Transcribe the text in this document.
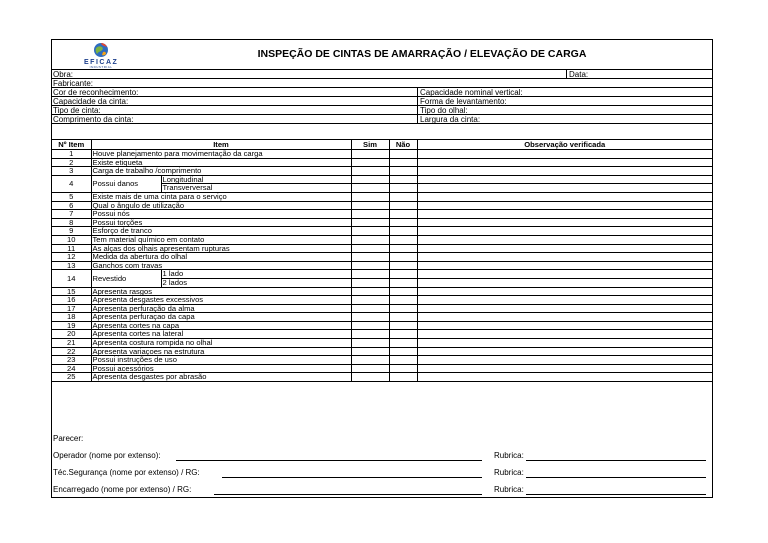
EFICAZ
INDUSTRIAL
INSPEÇÃO DE CINTAS DE AMARRAÇÃO / ELEVAÇÃO DE CARGA
Obra:	Data:
Fabricante:
Cor de reconhecimento:	Capacidade nominal vertical:
Capacidade da cinta:	Forma de levantamento:
Tipo de cinta:	Tipo do olhal:
Comprimento da cinta:	Largura da cinta:
Nº Item	Item		Sim	Não	Observação verificada
1	Houve planejamento para movimentação da carga				
2	Existe etiqueta				
3	Carga de trabalho /comprimento				
4	Possui danos	Longitudinal			
		Transverversal			
5	Existe mais de uma cinta para o serviço				
6	Qual o ângulo de utilização				
7	Possui nós				
8	Possui torções				
9	Esforço de tranco				
10	Tem material químico em contato				
11	As alças dos olhais apresentam rupturas				
12	Medida da abertura do olhal				
13	Ganchos com travas				
14	Revestido	1 lado			
		2 lados			
15	Apresenta rasgos				
16	Apresenta desgastes excessivos				
17	Apresenta perfuração da alma				
18	Apresenta perfuraçao da capa				
19	Apresenta cortes na capa				
20	Apresenta cortes na lateral				
21	Apresenta costura rompida no olhal				
22	Apresenta variaçoes na estrutura				
23	Possui instruções de uso				
24	Possui acessórios				
25	Apresenta desgastes por abrasão				
Parecer:
Operador (nome por extenso):	Rubrica:
Téc.Segurança (nome por extenso) / RG:	Rubrica:
Encarregado (nome por extenso) / RG:	Rubrica:
